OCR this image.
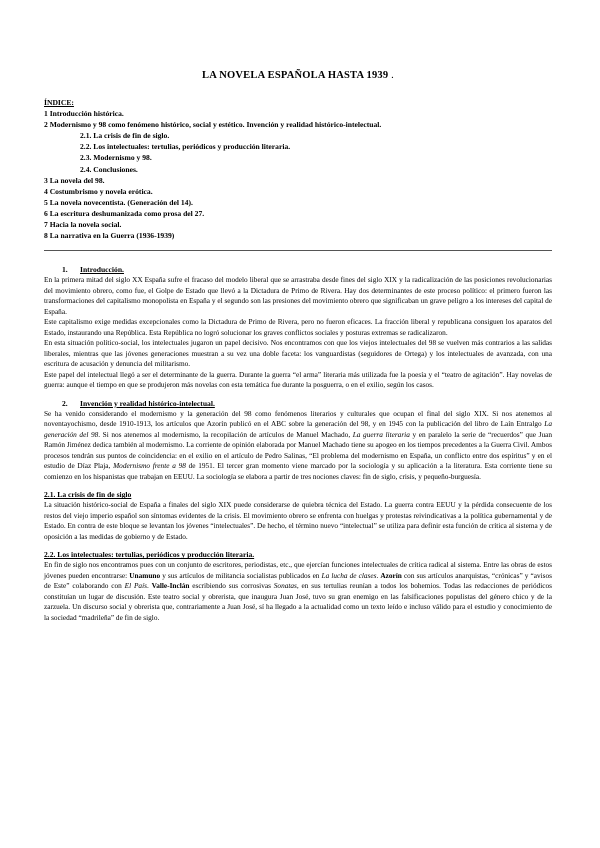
LA NOVELA ESPAÑOLA HASTA 1939 .
ÍNDICE:
1 Introducción histórica.
2 Modernismo y 98 como fenómeno histórico, social y estético. Invención y realidad histórico-intelectual.
2.1. La crisis de fin de siglo.
2.2. Los intelectuales: tertulias, periódicos y producción literaria.
2.3. Modernismo y 98.
2.4. Conclusiones.
3 La novela del 98.
4 Costumbrismo y novela erótica.
5 La novela novecentista. (Generación del 14).
6 La escritura deshumanizada como prosa del 27.
7 Hacia la novela social.
8 La narrativa en la Guerra (1936-1939)
1. Introducción.

En la primera mitad del siglo XX España sufre el fracaso del modelo liberal que se arrastraba desde fines del siglo XIX y la radicalización de las posiciones revolucionarias del movimiento obrero, como fue, el Golpe de Estado que llevó a la Dictadura de Primo de Rivera. Hay dos determinantes de este proceso político: el primero fueron las transformaciones del capitalismo monopolista en España y el segundo son las presiones del movimiento obrero que significaban un grave peligro a los intereses del capital de España.

Este capitalismo exige medidas excepcionales como la Dictadura de Primo de Rivera, pero no fueron eficaces. La fracción liberal y republicana consiguen los aparatos del Estado, instaurando una República. Esta República no logró solucionar los graves conflictos sociales y posturas extremas se radicalizaron.

En esta situación político-social, los intelectuales jugaron un papel decisivo. Nos encontramos con que los viejos intelectuales del 98 se vuelven más contrarios a las salidas liberales, mientras que las jóvenes generaciones muestran a su vez una doble faceta: los vanguardistas (seguidores de Ortega) y los intelectuales de avanzada, con una escritura de acusación y denuncia del militarismo.

Este papel del intelectual llegó a ser el determinante de la guerra. Durante la guerra “el arma” literaria más utilizada fue la poesía y el “teatro de agitación”. Hay novelas de guerra: aunque el tiempo en que se produjeron más novelas con esta temática fue durante la posguerra, o en el exilio, según los casos.

2. Invención y realidad histórico-intelectual.

Se ha venido considerando el modernismo y la generación del 98 como fenómenos literarios y culturales que ocupan el final del siglo XIX. Si nos atenemos al noventayochismo, desde 1910-1913, los artículos que Azorín publicó en el ABC sobre la generación del 98, y en 1945 con la publicación del libro de Laín Entralgo La generación del 98. Si nos atenemos al modernismo, la recopilación de artículos de Manuel Machado, La guerra literaria y en paralelo la serie de “recuerdos” que Juan Ramón Jiménez dedica también al modernismo. La corriente de opinión elaborada por Manuel Machado tiene su apogeo en los tiempos precedentes a la Guerra Civil. Ambos procesos tendrán sus puntos de coincidencia: en el exilio en el artículo de Pedro Salinas, “El problema del modernismo en España, un conflicto entre dos espíritus” y en el estudio de Díaz Plaja, Modernismo frente a 98 de 1951. El tercer gran momento viene marcado por la sociología y su aplicación a la literatura. Esta corriente tiene su comienzo en los hispanistas que trabajan en EEUU. La sociología se elabora a partir de tres nociones claves: fin de siglo, crisis, y pequeño-burguesía.

2.1. La crisis de fin de siglo

La situación histórico-social de España a finales del siglo XIX puede considerarse de quiebra técnica del Estado. La guerra contra EEUU y la pérdida consecuente de los restos del viejo imperio español son síntomas evidentes de la crisis. El movimiento obrero se enfrenta con huelgas y protestas reivindicativas a la política gubernamental y de Estado. En contra de este bloque se levantan los jóvenes “intelectuales”. De hecho, el término nuevo “intelectual” se utiliza para definir esta función de crítica al sistema y de oposición a las medidas de gobierno y de Estado.

2.2. Los intelectuales: tertulias, periódicos y producción literaria.

En fin de siglo nos encontramos pues con un conjunto de escritores, periodistas, etc., que ejercían funciones intelectuales de crítica radical al sistema. Entre las obras de estos jóvenes pueden encontrarse: Unamuno y sus artículos de militancia socialistas publicados en La lucha de clases. Azorín con sus artículos anarquistas, “crónicas” y “avisos de Este” colaborando con El País. Valle-Inclán escribiendo sus corrosivas Sonatas, en sus tertulias reunían a todos los bohemios. Todas las redacciones de periódicos constituían un lugar de discusión. Este teatro social y obrerista, que inaugura Juan José, tuvo su gran enemigo en las falsificaciones populistas del género chico y de la zarzuela. Un discurso social y obrerista que, contrariamente a Juan José, sí ha llegado a la actualidad como un texto leído e incluso válido para el estudio y conocimiento de la sociedad “madrileña” de fin de siglo.
